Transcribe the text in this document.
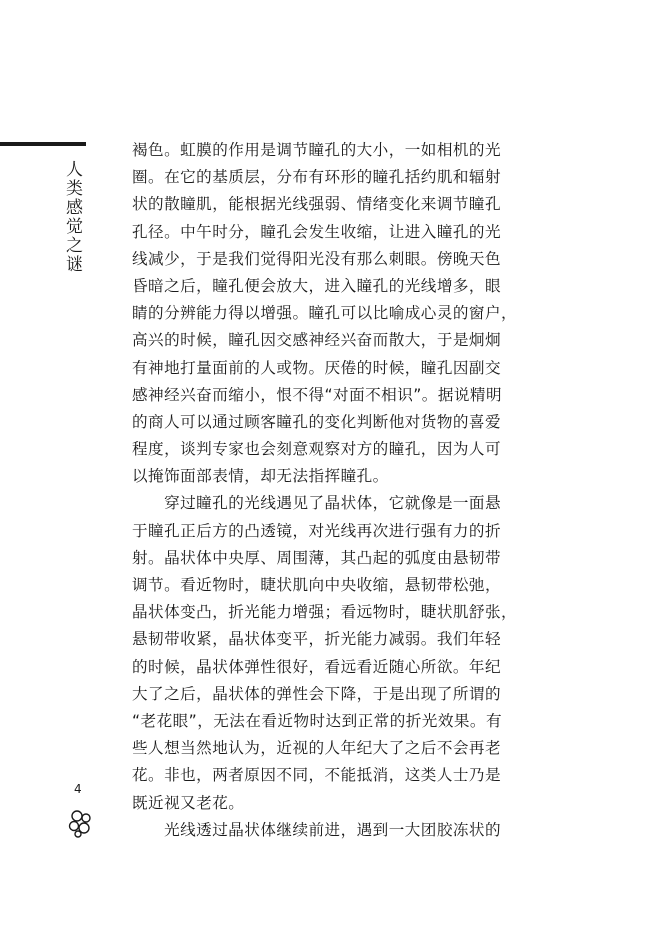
人类感觉之谜
褐色。虹膜的作用是调节瞳孔的大小，一如相机的光
圈。在它的基质层，分布有环形的瞳孔括约肌和辐射
状的散瞳肌，能根据光线强弱、情绪变化来调节瞳孔
孔径。中午时分，瞳孔会发生收缩，让进入瞳孔的光
线减少，于是我们觉得阳光没有那么刺眼。傍晚天色
昏暗之后，瞳孔便会放大，进入瞳孔的光线增多，眼
睛的分辨能力得以增强。瞳孔可以比喻成心灵的窗户，
高兴的时候，瞳孔因交感神经兴奋而散大，于是炯炯
有神地打量面前的人或物。厌倦的时候，瞳孔因副交
感神经兴奋而缩小，恨不得“对面不相识”。据说精明
的商人可以通过顾客瞳孔的变化判断他对货物的喜爱
程度，谈判专家也会刻意观察对方的瞳孔，因为人可
以掩饰面部表情，却无法指挥瞳孔。
　　穿过瞳孔的光线遇见了晶状体，它就像是一面悬
于瞳孔正后方的凸透镜，对光线再次进行强有力的折
射。晶状体中央厚、周围薄，其凸起的弧度由悬韧带
调节。看近物时，睫状肌向中央收缩，悬韧带松弛，
晶状体变凸，折光能力增强；看远物时，睫状肌舒张，
悬韧带收紧，晶状体变平，折光能力减弱。我们年轻
的时候，晶状体弹性很好，看远看近随心所欲。年纪
大了之后，晶状体的弹性会下降，于是出现了所谓的
“老花眼”，无法在看近物时达到正常的折光效果。有
些人想当然地认为，近视的人年纪大了之后不会再老
花。非也，两者原因不同，不能抵消，这类人士乃是
既近视又老花。
　　光线透过晶状体继续前进，遇到一大团胶冻状的
4
